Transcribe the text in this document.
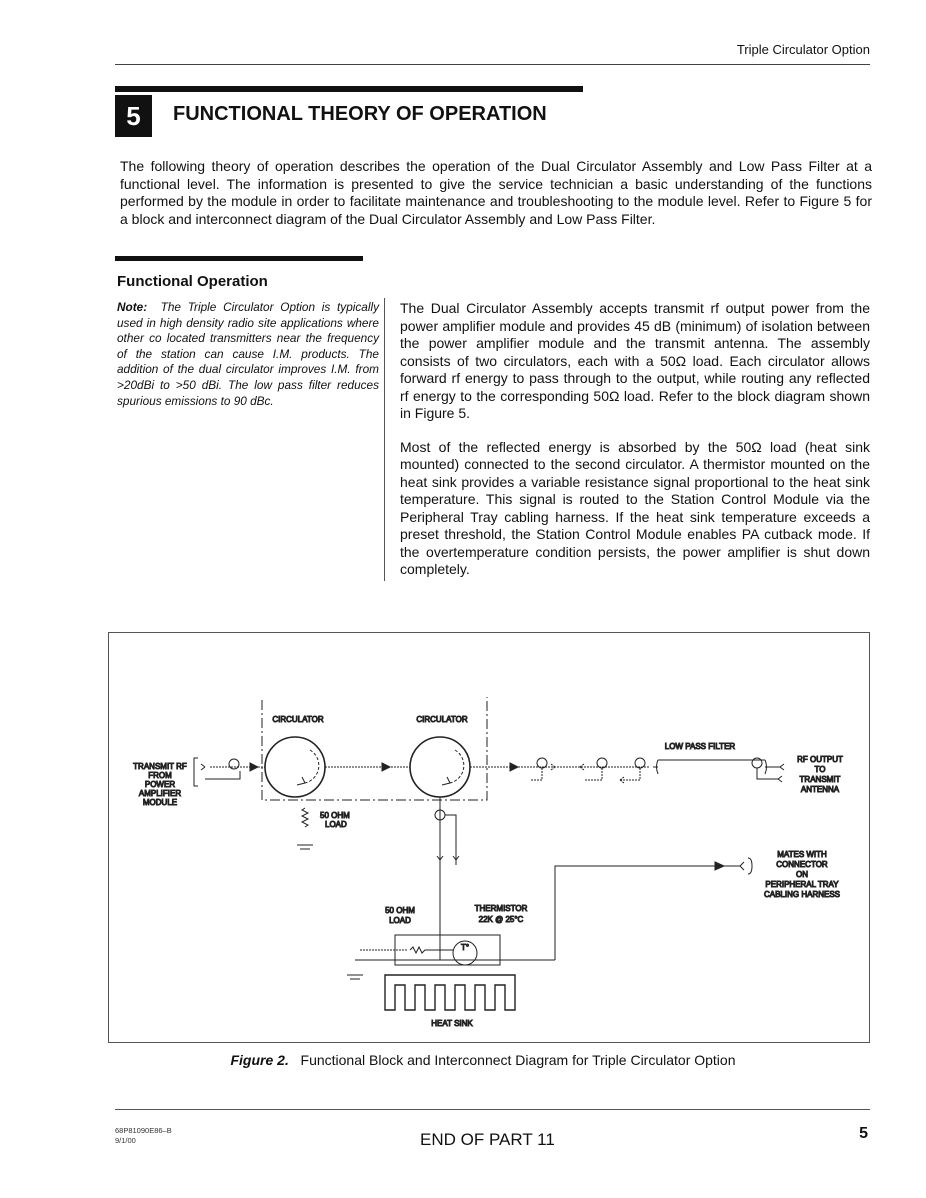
Triple Circulator Option
5	FUNCTIONAL THEORY OF OPERATION
The following theory of operation describes the operation of the Dual Circulator Assembly and Low Pass Filter at a functional level. The information is presented to give the service technician a basic understanding of the functions performed by the module in order to facilitate maintenance and troubleshooting to the module level. Refer to Figure 5 for a block and interconnect diagram of the Dual Circulator Assembly and Low Pass Filter.
Functional Operation
Note: The Triple Circulator Option is typically used in high density radio site applications where other co located transmitters near the frequency of the station can cause I.M. products. The addition of the dual circulator improves I.M. from >20dBi to >50 dBi. The low pass filter reduces spurious emissions to 90 dBc.

The Dual Circulator Assembly accepts transmit rf output power from the power amplifier module and provides 45 dB (minimum) of isolation between the power amplifier module and the transmit antenna. The assembly consists of two circulators, each with a 50Ω load. Each circulator allows forward rf energy to pass through to the output, while routing any reflected rf energy to the corresponding 50Ω load. Refer to the block diagram shown in Figure 5.

Most of the reflected energy is absorbed by the 50Ω load (heat sink mounted) connected to the second circulator. A thermistor mounted on the heat sink provides a variable resistance signal proportional to the heat sink temperature. This signal is routed to the Station Control Module via the Peripheral Tray cabling harness. If the heat sink temperature exceeds a preset threshold, the Station Control Module enables PA cutback mode. If the overtemperature condition persists, the power amplifier is shut down completely.

CIRCULATOR	CIRCULATOR
TRANSMIT RF
FROM
POWER
AMPLIFIER
MODULE
50 OHM
LOAD
LOW PASS FILTER
RF OUTPUT
TO
TRANSMIT
ANTENNA
MATES WITH
CONNECTOR
ON
PERIPHERAL TRAY
CABLING HARNESS
50 OHM
LOAD
THERMISTOR
22K @ 25°C
T°
HEAT SINK
Figure 2. Functional Block and Interconnect Diagram for Triple Circulator Option
68P81090E86–B
9/1/00	END OF PART 11	5
